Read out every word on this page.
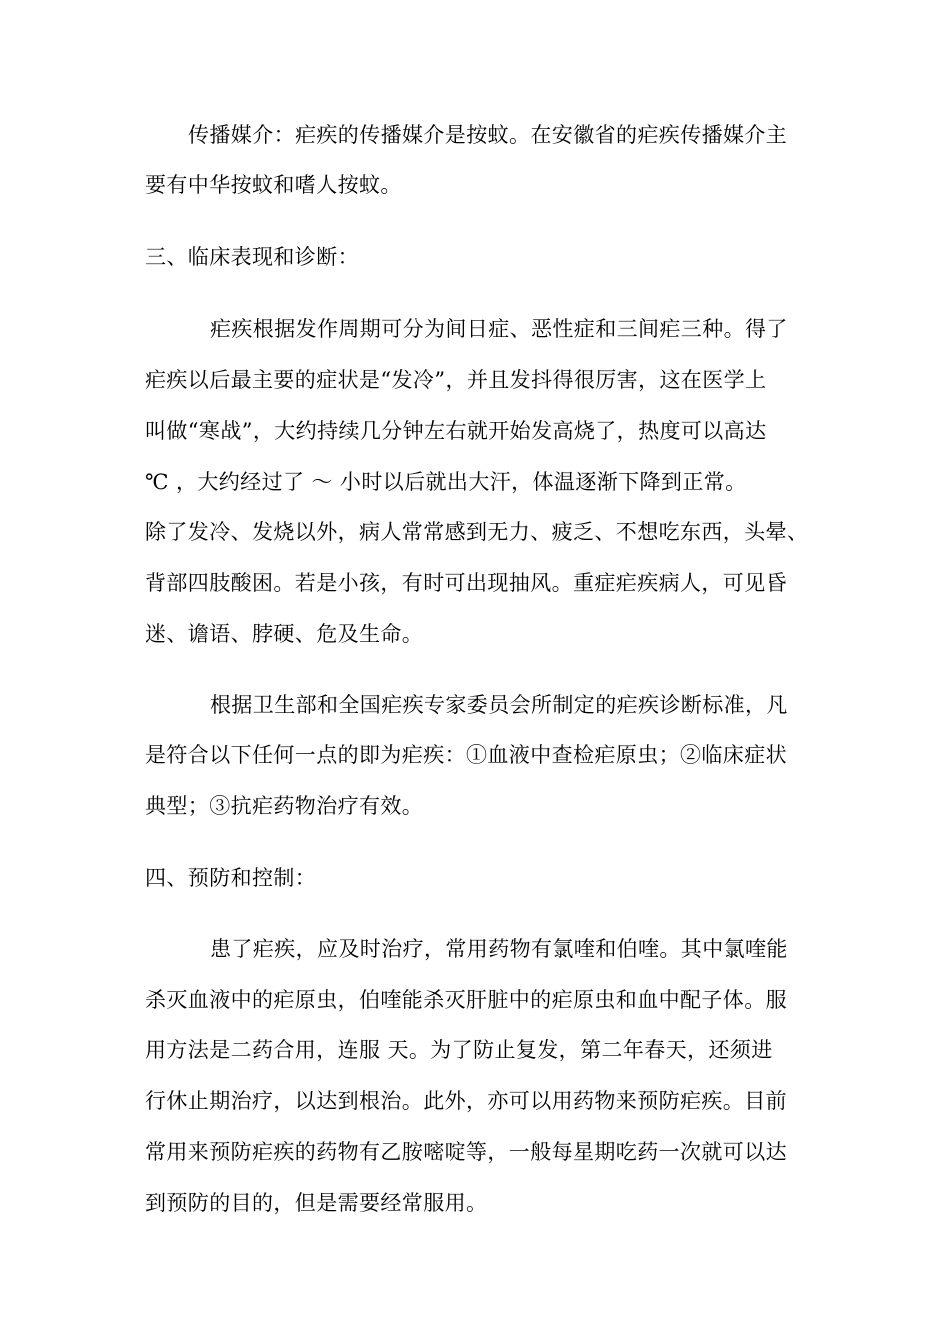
传播媒介：疟疾的传播媒介是按蚊。在安徽省的疟疾传播媒介主
要有中华按蚊和嗜人按蚊。
三、临床表现和诊断：
疟疾根据发作周期可分为间日症、恶性症和三间疟三种。得了
疟疾以后最主要的症状是“发冷”，并且发抖得很厉害，这在医学上
叫做“寒战”，大约持续几分钟左右就开始发高烧了，热度可以高达
℃ ，大约经过了 ～ 小时以后就出大汗，体温逐渐下降到正常。
除了发冷、发烧以外，病人常常感到无力、疲乏、不想吃东西，头晕、
背部四肢酸困。若是小孩，有时可出现抽风。重症疟疾病人，可见昏
迷、谵语、脖硬、危及生命。
根据卫生部和全国疟疾专家委员会所制定的疟疾诊断标准，凡
是符合以下任何一点的即为疟疾：①血液中查检疟原虫；②临床症状
典型；③抗疟药物治疗有效。
四、预防和控制：
患了疟疾，应及时治疗，常用药物有氯喹和伯喹。其中氯喹能
杀灭血液中的疟原虫，伯喹能杀灭肝脏中的疟原虫和血中配子体。服
用方法是二药合用，连服 天。为了防止复发，第二年春天，还须进
行休止期治疗，以达到根治。此外，亦可以用药物来预防疟疾。目前
常用来预防疟疾的药物有乙胺嘧啶等，一般每星期吃药一次就可以达
到预防的目的，但是需要经常服用。
